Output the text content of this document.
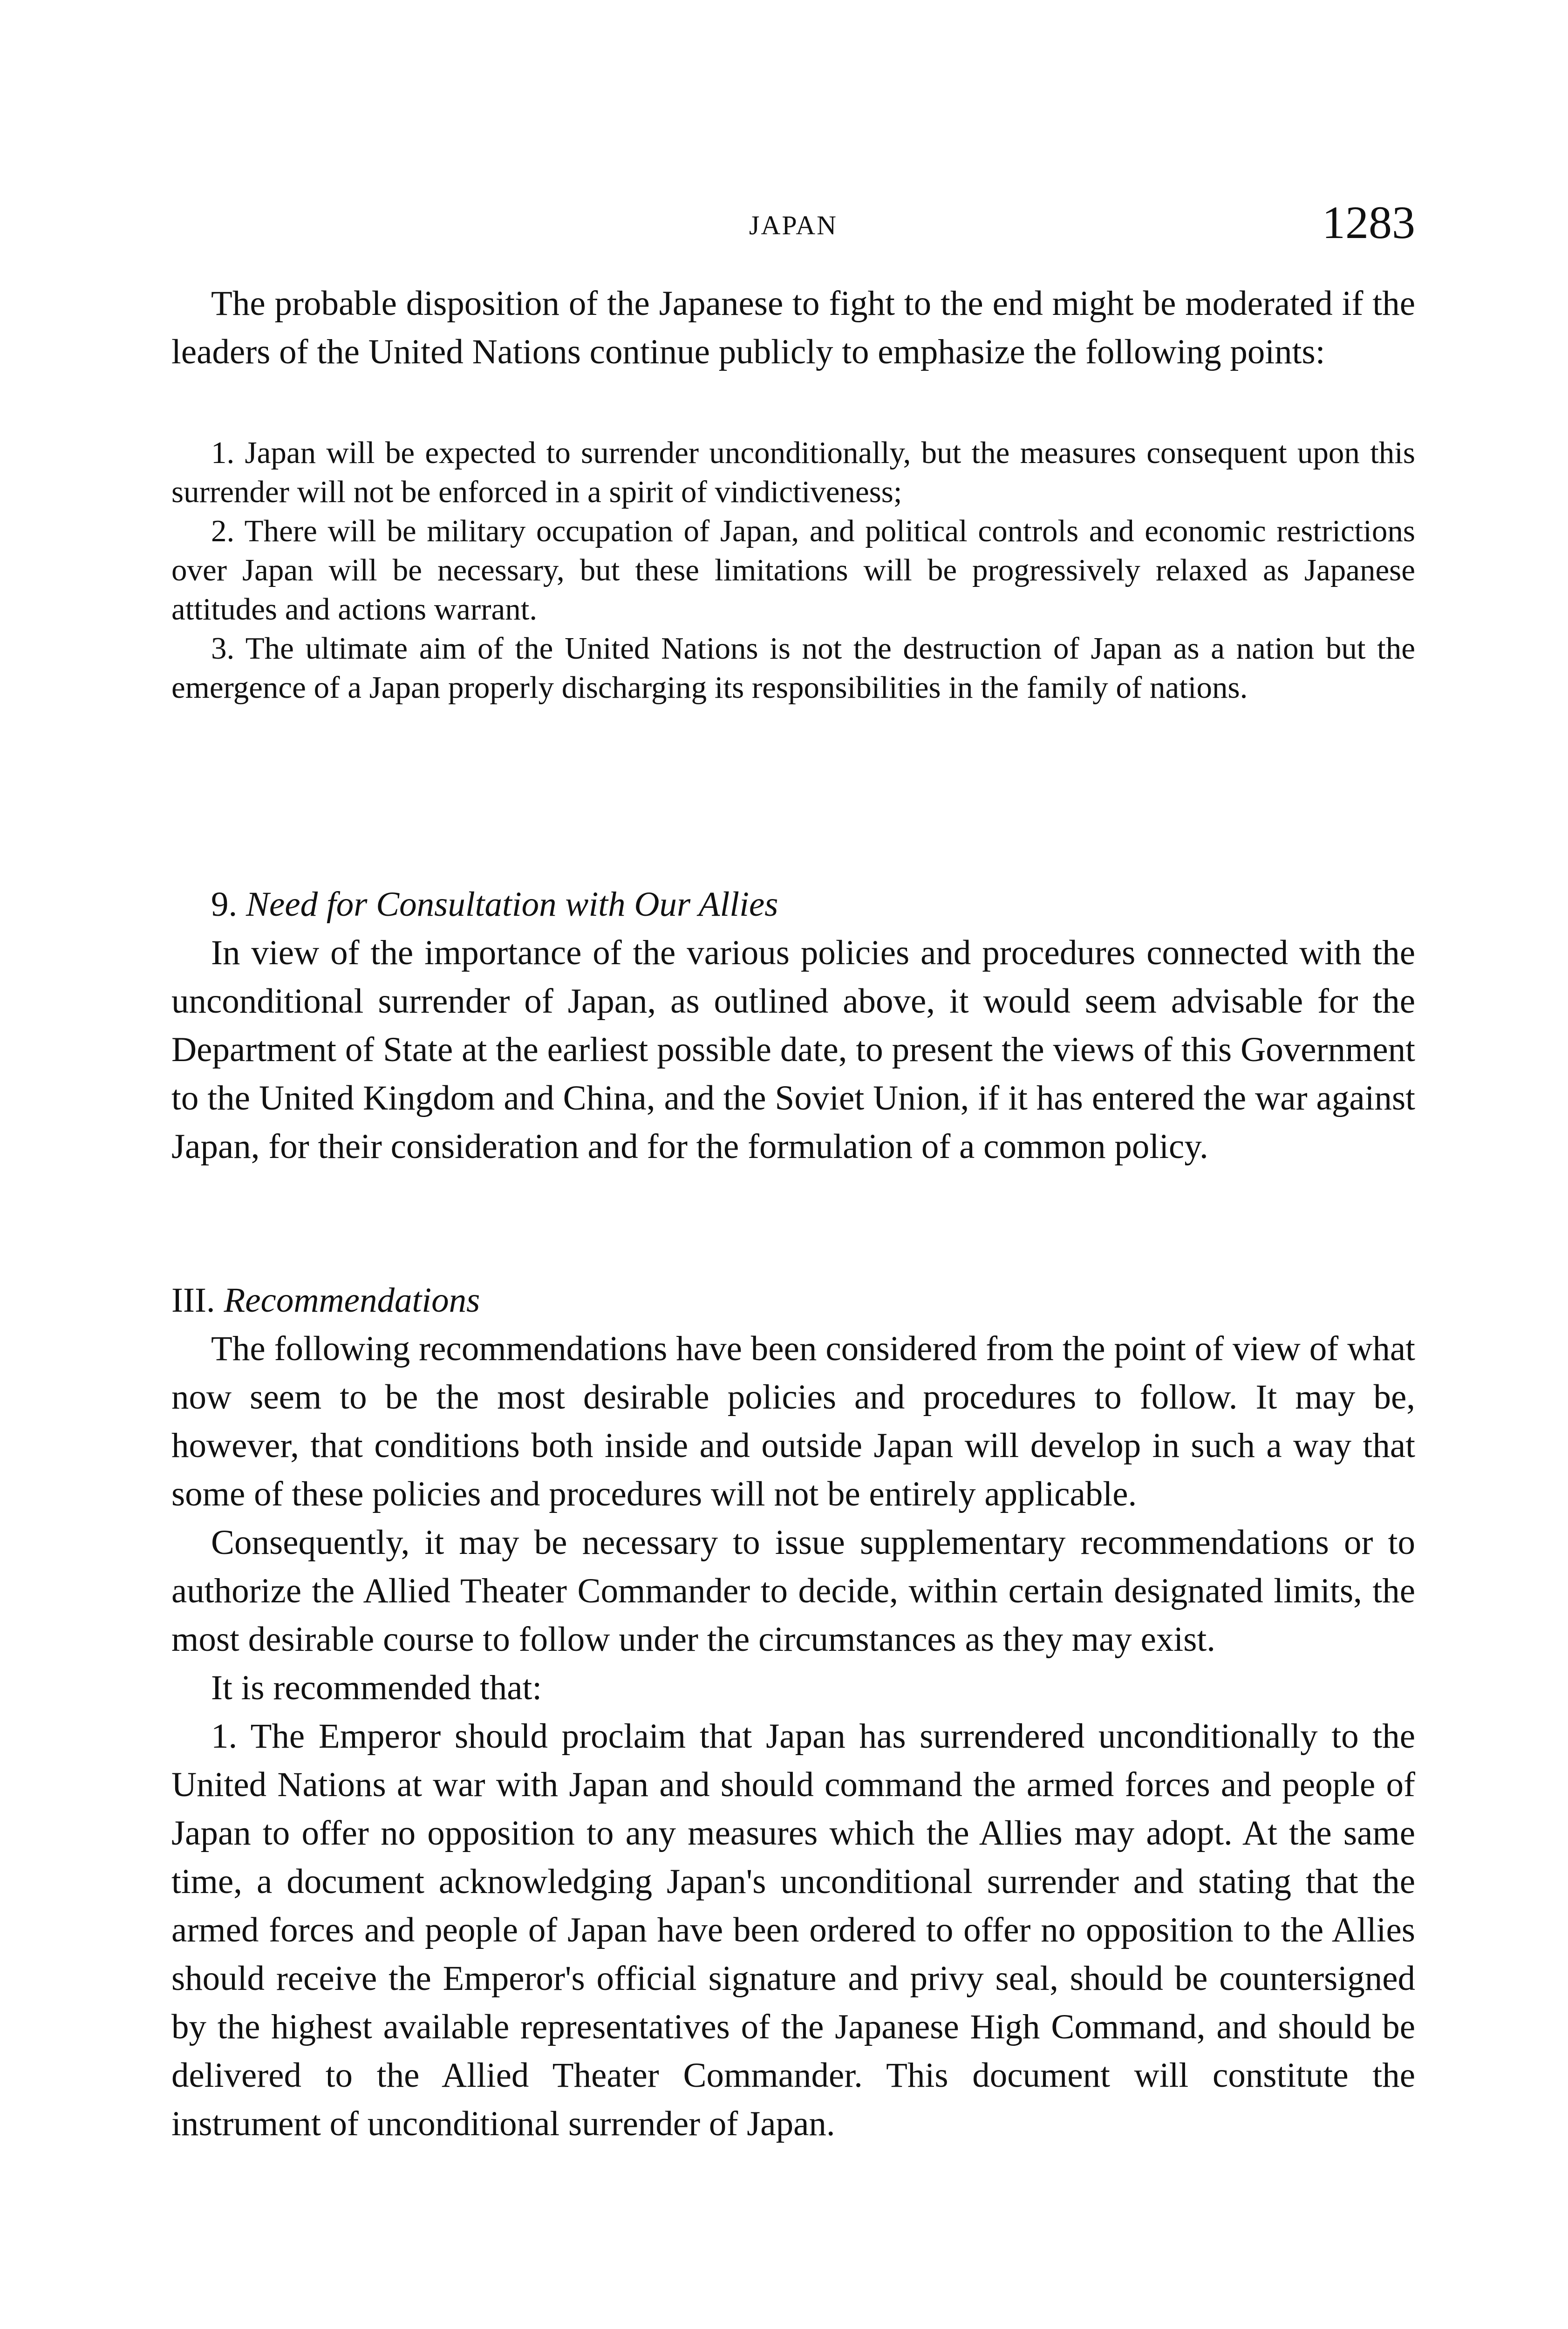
JAPAN	1283

The probable disposition of the Japanese to fight to the end might be moderated if the leaders of the United Nations continue publicly to emphasize the following points:

1. Japan will be expected to surrender unconditionally, but the measures consequent upon this surrender will not be enforced in a spirit of vindictiveness;

2. There will be military occupation of Japan, and political controls and economic restrictions over Japan will be necessary, but these limitations will be progressively relaxed as Japanese attitudes and actions warrant.

3. The ultimate aim of the United Nations is not the destruction of Japan as a nation but the emergence of a Japan properly discharging its responsibilities in the family of nations.

9. Need for Consultation with Our Allies

In view of the importance of the various policies and procedures connected with the unconditional surrender of Japan, as outlined above, it would seem advisable for the Department of State at the earliest possible date, to present the views of this Government to the United Kingdom and China, and the Soviet Union, if it has entered the war against Japan, for their consideration and for the formulation of a common policy.

III. Recommendations

The following recommendations have been considered from the point of view of what now seem to be the most desirable policies and procedures to follow. It may be, however, that conditions both inside and outside Japan will develop in such a way that some of these policies and procedures will not be entirely applicable.

Consequently, it may be necessary to issue supplementary recommendations or to authorize the Allied Theater Commander to decide, within certain designated limits, the most desirable course to follow under the circumstances as they may exist.

It is recommended that:

1. The Emperor should proclaim that Japan has surrendered unconditionally to the United Nations at war with Japan and should command the armed forces and people of Japan to offer no opposition to any measures which the Allies may adopt. At the same time, a document acknowledging Japan's unconditional surrender and stating that the armed forces and people of Japan have been ordered to offer no opposition to the Allies should receive the Emperor's official signature and privy seal, should be countersigned by the highest available representatives of the Japanese High Command, and should be delivered to the Allied Theater Commander. This document will constitute the instrument of unconditional surrender of Japan.
